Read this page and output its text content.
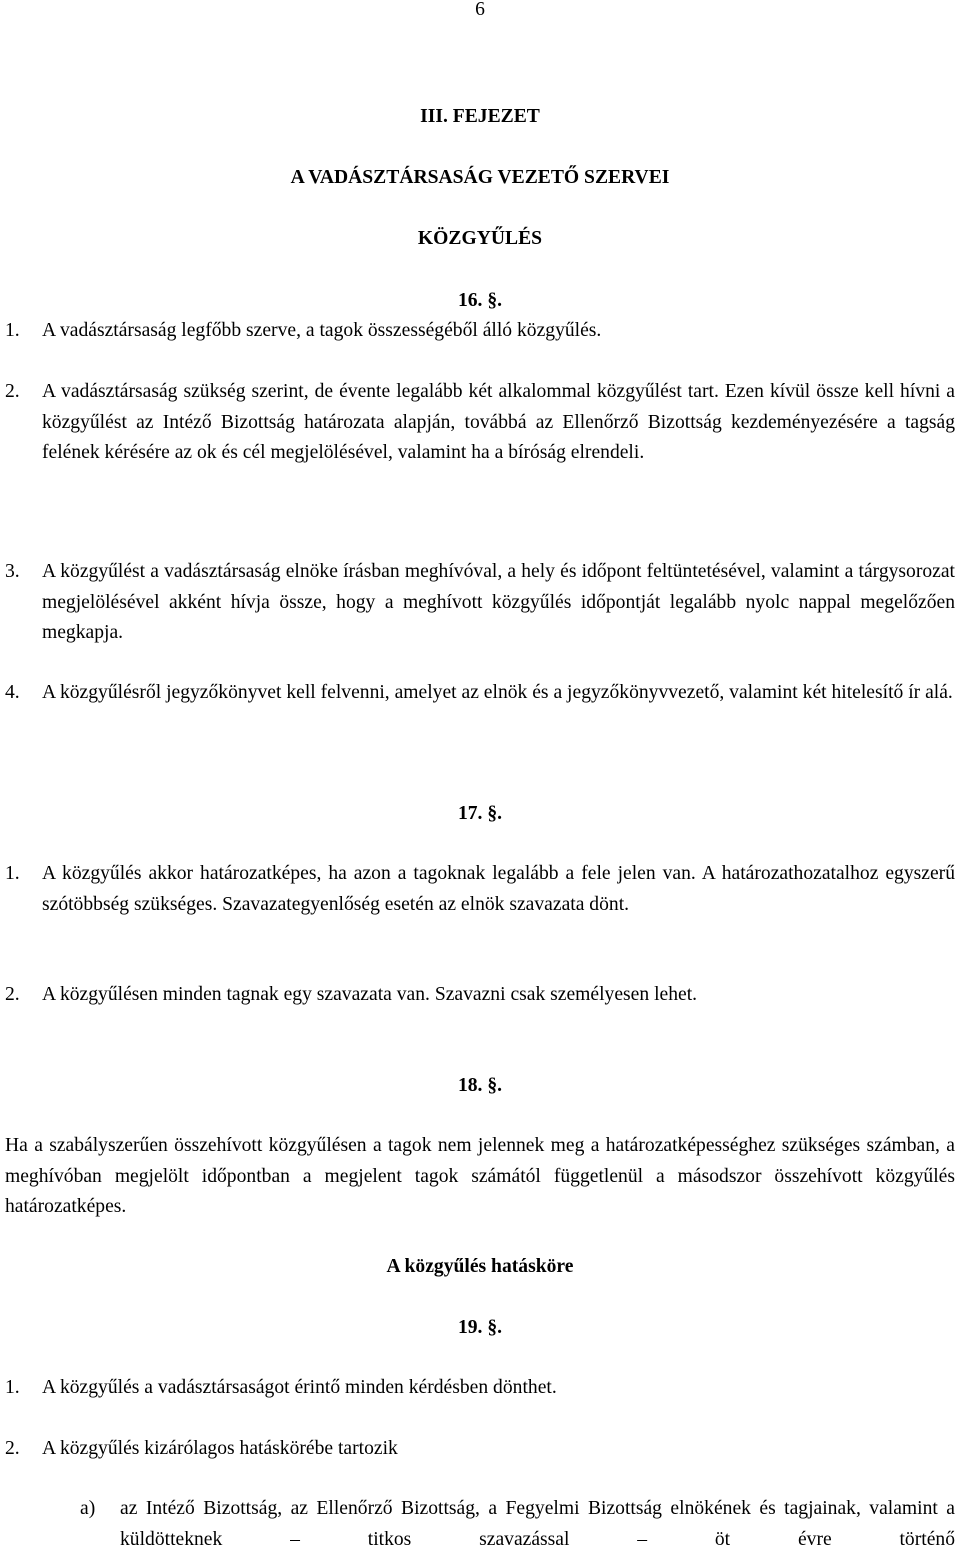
6
III. FEJEZET
A VADÁSZTÁRSASÁG VEZETŐ SZERVEI
KÖZGYŰLÉS
16. §.
1.	A vadásztársaság legfőbb szerve, a tagok összességéből álló közgyűlés.
2.	A vadásztársaság szükség szerint, de évente legalább két alkalommal közgyűlést tart. Ezen kívül össze kell hívni a közgyűlést az Intéző Bizottság határozata alapján, továbbá az Ellenőrző Bizottság kezdeményezésére a tagság felének kérésére az ok és cél megjelölésével, valamint ha a bíróság elrendeli.
3.	A közgyűlést a vadásztársaság elnöke írásban meghívóval, a hely és időpont feltüntetésével, valamint a tárgysorozat megjelölésével akként hívja össze, hogy a meghívott közgyűlés időpontját legalább nyolc nappal megelőzően megkapja.
4.	A közgyűlésről jegyzőkönyvet kell felvenni, amelyet az elnök és a jegyzőkönyvvezető, valamint két hitelesítő ír alá.
17. §.
1.	A közgyűlés akkor határozatképes, ha azon a tagoknak legalább a fele jelen van. A határozathozatalhoz egyszerű szótöbbség szükséges. Szavazategyenlőség esetén az elnök szavazata dönt.
2.	A közgyűlésen minden tagnak egy szavazata van. Szavazni csak személyesen lehet.
18. §.
Ha a szabályszerűen összehívott közgyűlésen a tagok nem jelennek meg a határozatképességhez szükséges számban, a meghívóban megjelölt időpontban a megjelent tagok számától függetlenül a másodszor összehívott közgyűlés határozatképes.
A közgyűlés hatásköre
19. §.
1.	A közgyűlés a vadásztársaságot érintő minden kérdésben dönthet.
2.	A közgyűlés kizárólagos hatáskörébe tartozik
a)	az Intéző Bizottság, az Ellenőrző Bizottság, a Fegyelmi Bizottság elnökének és tagjainak, valamint a küldötteknek – titkos szavazással – öt évre történő
